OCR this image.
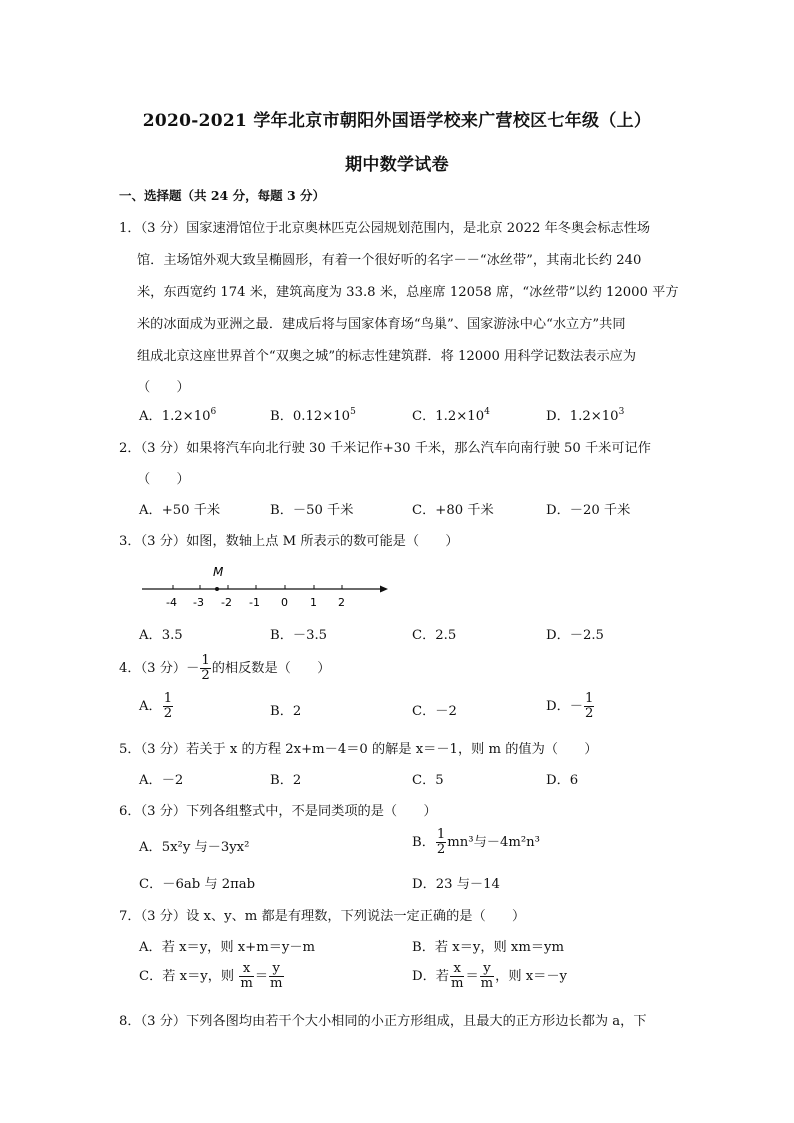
2020-2021 学年北京市朝阳外国语学校来广营校区七年级（上）
期中数学试卷
一、选择题（共 24 分，每题 3 分）
1．（3 分）国家速滑馆位于北京奥林匹克公园规划范围内，是北京 2022 年冬奥会标志性场
馆．主场馆外观大致呈椭圆形，有着一个很好听的名字－－“冰丝带”，其南北长约 240
米，东西宽约 174 米，建筑高度为 33.8 米，总座席 12058 席，“冰丝带”以约 12000 平方
米的冰面成为亚洲之最．建成后将与国家体育场“鸟巢”、国家游泳中心“水立方”共同
组成北京这座世界首个“双奥之城”的标志性建筑群．将 12000 用科学记数法表示应为
（　　）
A．$1.2\times 10^6$	B．$0.12\times 10^5$	C．$1.2\times 10^4$	D．$1.2\times 10^3$
2．（3 分）如果将汽车向北行驶 30 千米记作+30 千米，那么汽车向南行驶 50 千米可记作
（　　）
A．+50 千米	B．－50 千米	C．+80 千米	D．－20 千米
3．（3 分）如图，数轴上点 M 所表示的数可能是（　　）
M
-4 -3 -2 -1 0 1 2
A．3.5	B．－3.5	C．2.5	D．－2.5
4．（3 分）－ $\frac{1}{2}$ 的相反数是（　　）
A． $\frac{1}{2}$	B．2	C．－2	D．－ $\frac{1}{2}$
5．（3 分）若关于 x 的方程 2x+m－4＝0 的解是 x＝－1，则 m 的值为（　　）
A．－2	B．2	C．5	D．6
6．（3 分）下列各组整式中，不是同类项的是（　　）
A．5x²y 与－3yx²	B． $\frac{1}{2} mn^3$与－4m²n³
C．－6ab 与 2πab	D．23 与－14
7．（3 分）设 x、y、m 都是有理数，下列说法一定正确的是（　　）
A．若 x＝y，则 x+m＝y－m	B．若 x＝y，则 xm＝ym
C．若 x＝y，则 $\frac{x}{m} = \frac{y}{m}$	D．若 $\frac{x}{m} = \frac{y}{m}$ ，则 x＝－y
8．（3 分）下列各图均由若干个大小相同的小正方形组成，且最大的正方形边长都为 a，下
